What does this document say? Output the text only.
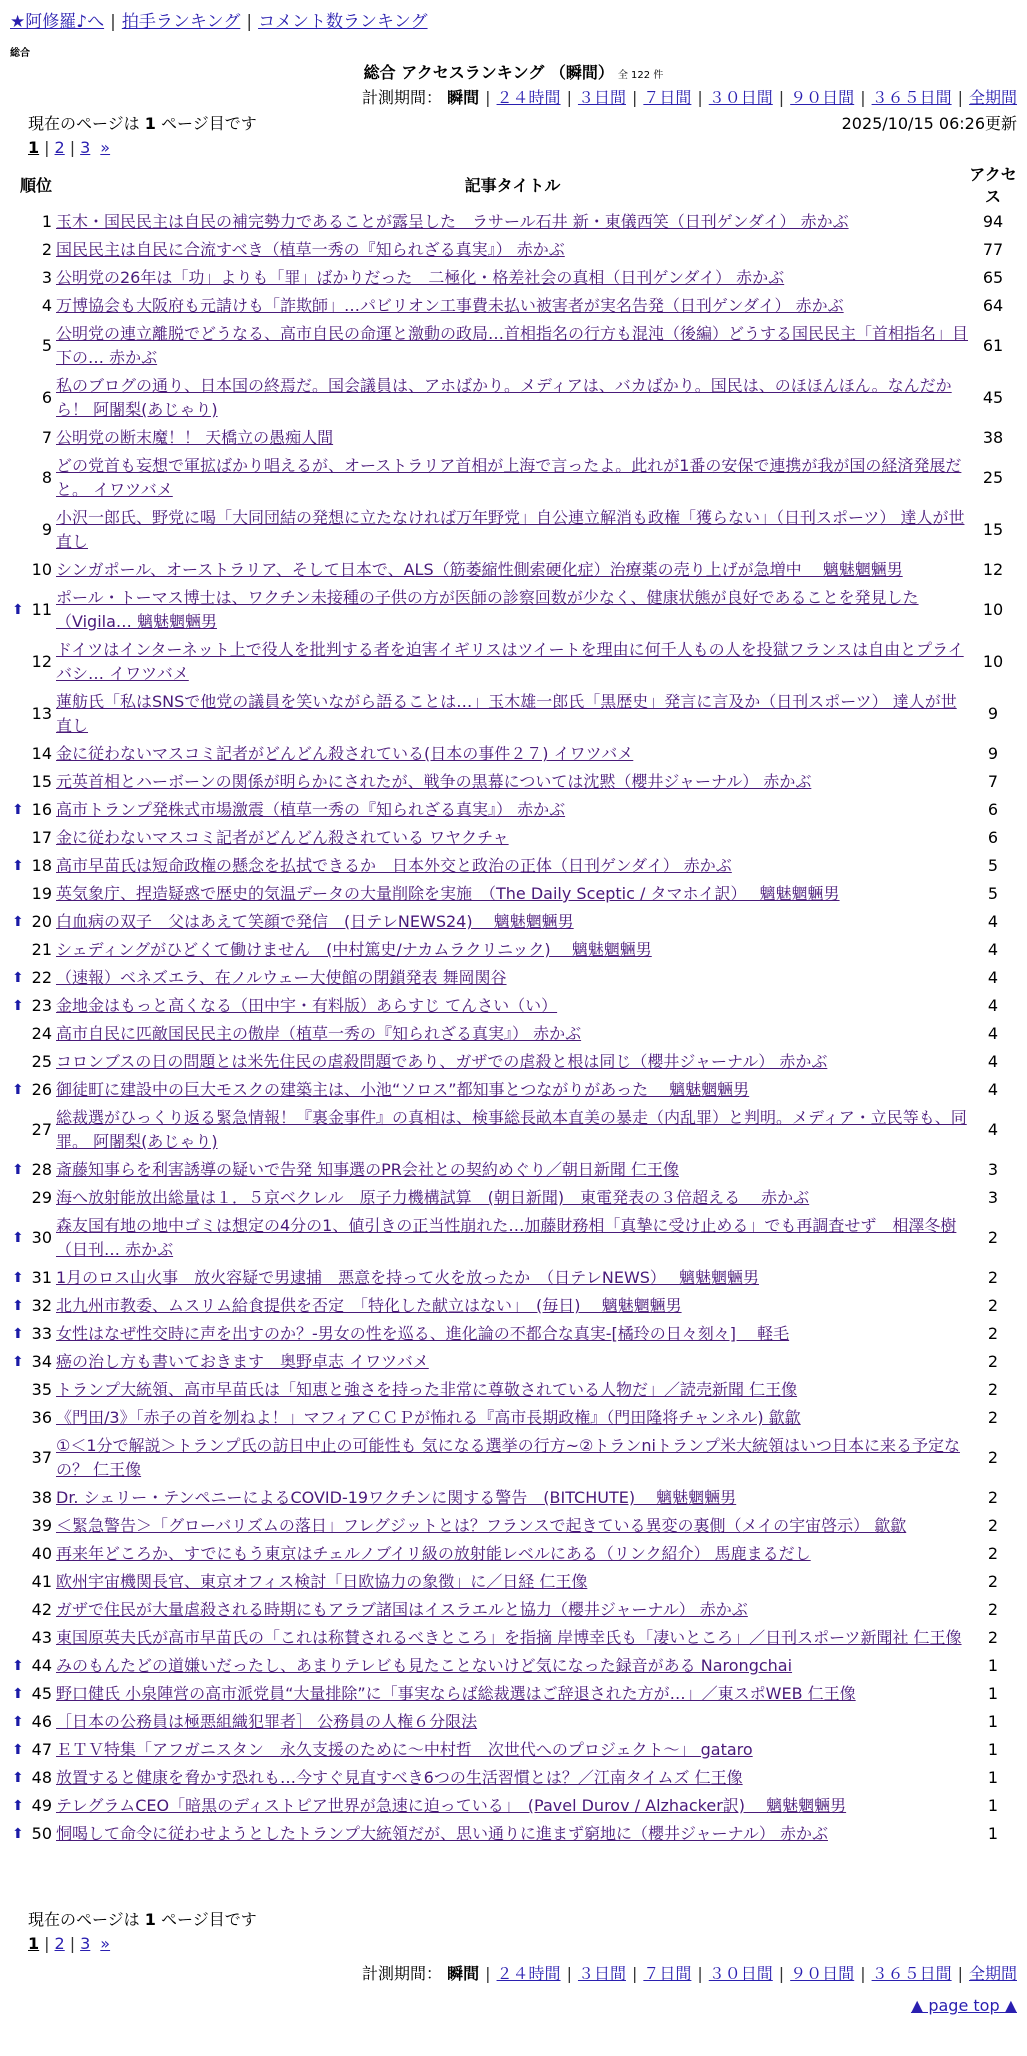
★阿修羅♪へ | 拍手ランキング | コメント数ランキング
総合
総合 アクセスランキング （瞬間） 全 122 件
計測期間： 瞬間 | ２４時間 | ３日間 | ７日間 | ３０日間 | ９０日間 | ３６５日間 | 全期間
現在のページは 1 ページ目です	2025/10/15 06:26更新
1 | 2 | 3 »
順位	記事タイトル	アクセス
1	玉木・国民民主は自民の補完勢力であることが露呈した　ラサール石井 新・東儀西笑（日刊ゲンダイ） 赤かぶ	94
2	国民民主は自民に合流すべき（植草一秀の『知られざる真実』） 赤かぶ	77
3	公明党の26年は「功」よりも「罪」ばかりだった　二極化・格差社会の真相（日刊ゲンダイ） 赤かぶ	65
4	万博協会も大阪府も元請けも「詐欺師」…パビリオン工事費未払い被害者が実名告発（日刊ゲンダイ） 赤かぶ	64
5	公明党の連立離脱でどうなる、高市自民の命運と激動の政局…首相指名の行方も混沌（後編）どうする国民民主「首相指名」目下の… 赤かぶ	61
6	私のブログの通り、日本国の終焉だ。国会議員は、アホばかり。メディアは、バカばかり。国民は、のほほんほん。なんだから！ 阿闍梨(あじゃり)	45
7	公明党の断末魔！！ 天橋立の愚痴人間	38
8	どの党首も妄想で軍拡ばかり唱えるが、オーストラリア首相が上海で言ったよ。此れが1番の安保で連携が我が国の経済発展だと。 イワツバメ	25
9	小沢一郎氏、野党に喝「大同団結の発想に立たなければ万年野党」自公連立解消も政権「獲らない」（日刊スポーツ） 達人が世直し	15
10	シンガポール、オーストラリア、そして日本で、ALS（筋萎縮性側索硬化症）治療薬の売り上げが急増中　 魑魅魍魎男	12

⬆ 11	ポール・トーマス博士は、ワクチン未接種の子供の方が医師の診察回数が少なく、健康状態が良好であることを発見した（Vigila… 魑魅魍魎男	10
12	ドイツはインターネット上で役人を批判する者を迫害イギリスはツイートを理由に何千人もの人を投獄フランスは自由とプライバシ… イワツバメ	10
13	蓮舫氏「私はSNSで他党の議員を笑いながら語ることは…」玉木雄一郎氏「黒歴史」発言に言及か（日刊スポーツ） 達人が世直し	9
14	金に従わないマスコミ記者がどんどん殺されている(日本の事件２７) イワツバメ	9
15	元英首相とハーボーンの関係が明らかにされたが、戦争の黒幕については沈黙（櫻井ジャーナル） 赤かぶ	7

⬆ 16	高市トランプ発株式市場激震（植草一秀の『知られざる真実』） 赤かぶ	6
17	金に従わないマスコミ記者がどんどん殺されている ワヤクチャ	6

⬆ 18	高市早苗氏は短命政権の懸念を払拭できるか　日本外交と政治の正体（日刊ゲンダイ） 赤かぶ	5
19	英気象庁、捏造疑惑で歴史的気温データの大量削除を実施　（The Daily Sceptic / タマホイ訳）　 魑魅魍魎男	5

⬆ 20	白血病の双子　父はあえて笑顔で発信　(日テレNEWS24)　 魑魅魍魎男	4
21	シェディングがひどくて働けません　(中村篤史/ナカムラクリニック)　 魑魅魍魎男	4

⬆ 22	（速報）ベネズエラ、在ノルウェー大使館の閉鎖発表 舞岡関谷	4

⬆ 23	金地金はもっと高くなる（田中宇・有料版）あらすじ てんさい（い）	4
24	高市自民に匹敵国民民主の傲岸（植草一秀の『知られざる真実』） 赤かぶ	4
25	コロンブスの日の問題とは米先住民の虐殺問題であり、ガザでの虐殺と根は同じ（櫻井ジャーナル） 赤かぶ	4

⬆ 26	御徒町に建設中の巨大モスクの建築主は、小池“ソロス”都知事とつながりがあった　 魑魅魍魎男	4
27	総裁選がひっくり返る緊急情報！『裏金事件』の真相は、検事総長畝本直美の暴走（内乱罪）と判明。メディア・立民等も、同罪。 阿闍梨(あじゃり)	4

⬆ 28	斎藤知事らを利害誘導の疑いで告発 知事選のPR会社との契約めぐり／朝日新聞 仁王像	3
29	海へ放射能放出総量は１．５京ベクレル　原子力機構試算　(朝日新聞)　東電発表の３倍超える　 赤かぶ	3

⬆ 30	森友国有地の地中ゴミは想定の4分の1、値引きの正当性崩れた…加藤財務相「真摯に受け止める」でも再調査せず　相澤冬樹（日刊… 赤かぶ	2

⬆ 31	1月のロス山火事　放火容疑で男逮捕　悪意を持って火を放ったか　（日テレNEWS）　 魑魅魍魎男	2

⬆ 32	北九州市教委、ムスリム給食提供を否定　「特化した献立はない」　(毎日)　 魑魅魍魎男	2

⬆ 33	女性はなぜ性交時に声を出すのか？-男女の性を巡る、進化論の不都合な真実-[橘玲の日々刻々]　 軽毛	2

⬆ 34	癌の治し方も書いておきます　奥野卓志 イワツバメ	2
35	トランプ大統領、高市早苗氏は「知恵と強さを持った非常に尊敬されている人物だ」／読売新聞 仁王像	2
36	《門田/3》「赤子の首を刎ねよ！」マフィアＣＣＰが怖れる『高市長期政権』（門田隆将チャンネル) 歙歙	2
37	①＜1分で解説＞トランプ氏の訪日中止の可能性も 気になる選挙の行方~②トランniトランプ米大統領はいつ日本に来る予定なの？ 仁王像	2
38	Dr. シェリー・テンペニーによるCOVID-19ワクチンに関する警告　(BITCHUTE)　 魑魅魍魎男	2
39	＜緊急警告＞「グローバリズムの落日」フレグジットとは？フランスで起きている異変の裏側（メイの宇宙啓示） 歙歙	2
40	再来年どころか、すでにもう東京はチェルノブイリ級の放射能レベルにある（リンク紹介） 馬鹿まるだし	2
41	欧州宇宙機関長官、東京オフィス検討「日欧協力の象徴」に／日経 仁王像	2
42	ガザで住民が大量虐殺される時期にもアラブ諸国はイスラエルと協力（櫻井ジャーナル） 赤かぶ	2
43	東国原英夫氏が高市早苗氏の「これは称賛されるべきところ」を指摘 岸博幸氏も「凄いところ」／日刊スポーツ新聞社 仁王像	2

⬆ 44	みのもんたどの道嫌いだったし、あまりテレビも見たことないけど気になった録音がある Narongchai	1

⬆ 45	野口健氏 小泉陣営の高市派党員“大量排除”に「事実ならば総裁選はご辞退された方が…」／東スポWEB 仁王像	1

⬆ 46	［日本の公務員は極悪組織犯罪者］ 公務員の人権６分限法	1

⬆ 47	ＥＴＶ特集「アフガニスタン　永久支援のために～中村哲　次世代へのプロジェクト～」 gataro	1

⬆ 48	放置すると健康を脅かす恐れも…今すぐ見直すべき6つの生活習慣とは？／江南タイムズ 仁王像	1

⬆ 49	テレグラムCEO「暗黒のディストピア世界が急速に迫っている」　(Pavel Durov / Alzhacker訳)　 魑魅魍魎男	1

⬆ 50	恫喝して命令に従わせようとしたトランプ大統領だが、思い通りに進まず窮地に（櫻井ジャーナル） 赤かぶ	1
現在のページは 1 ページ目です
1 | 2 | 3 »
計測期間： 瞬間 | ２４時間 | ３日間 | ７日間 | ３０日間 | ９０日間 | ３６５日間 | 全期間
▲ page top ▲
